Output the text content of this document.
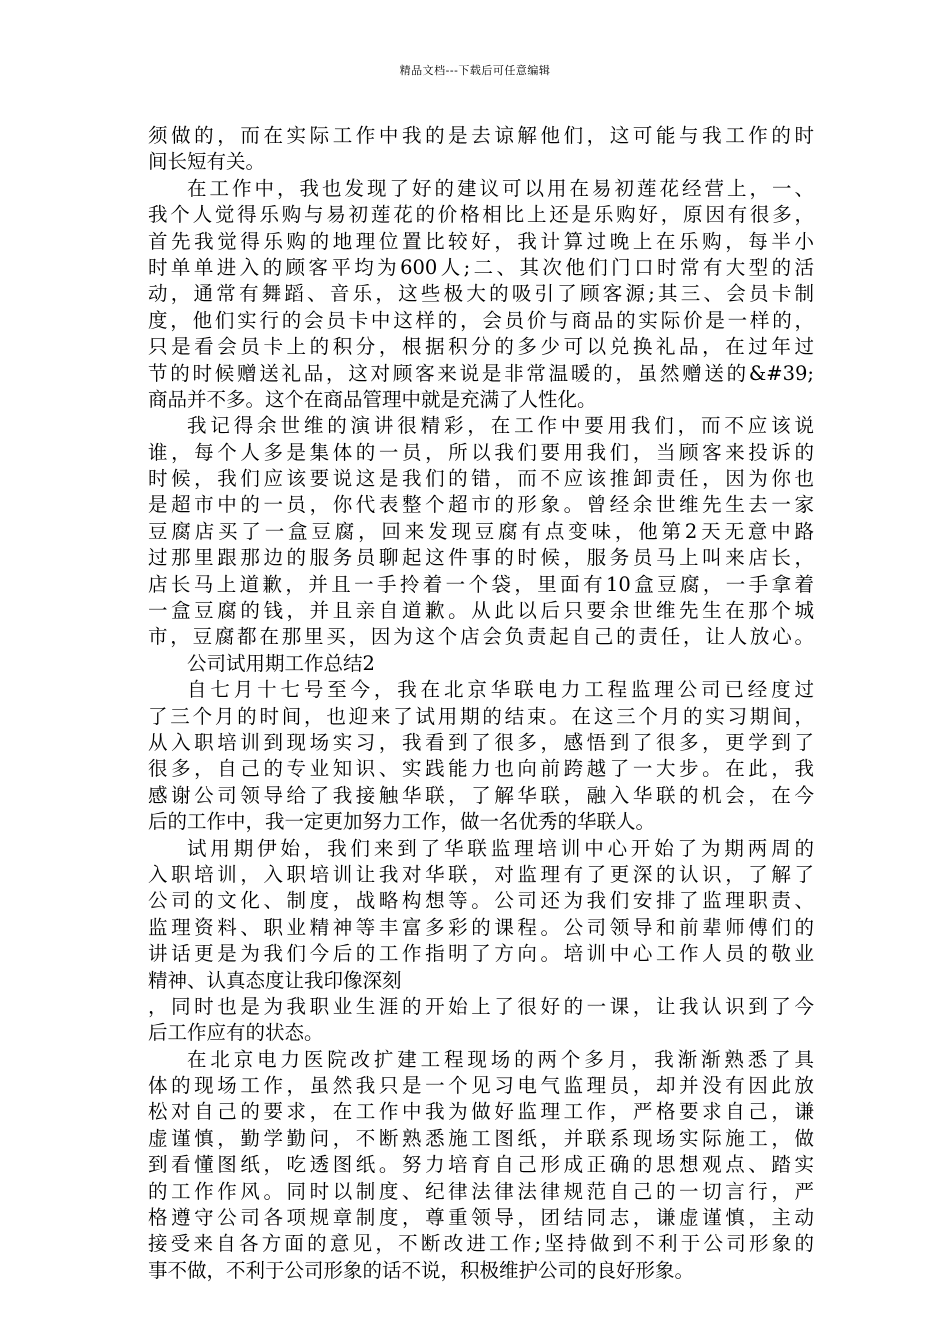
精品文档---下载后可任意编辑
须做的，而在实际工作中我的是去谅解他们，这可能与我工作的时
间长短有关。
在工作中，我也发现了好的建议可以用在易初莲花经营上，一、
我个人觉得乐购与易初莲花的价格相比上还是乐购好，原因有很多，
首先我觉得乐购的地理位置比较好，我计算过晚上在乐购，每半小
时单单进入的顾客平均为600人;二、其次他们门口时常有大型的活
动，通常有舞蹈、音乐，这些极大的吸引了顾客源;其三、会员卡制
度，他们实行的会员卡中这样的，会员价与商品的实际价是一样的，
只是看会员卡上的积分，根据积分的多少可以兑换礼品，在过年过
节的时候赠送礼品，这对顾客来说是非常温暖的，虽然赠送的&#39;
商品并不多。这个在商品管理中就是充满了人性化。
我记得余世维的演讲很精彩，在工作中要用我们，而不应该说
谁，每个人多是集体的一员，所以我们要用我们，当顾客来投诉的
时候，我们应该要说这是我们的错，而不应该推卸责任，因为你也
是超市中的一员，你代表整个超市的形象。曾经余世维先生去一家
豆腐店买了一盒豆腐，回来发现豆腐有点变味，他第2天无意中路
过那里跟那边的服务员聊起这件事的时候，服务员马上叫来店长，
店长马上道歉，并且一手拎着一个袋，里面有10盒豆腐，一手拿着
一盒豆腐的钱，并且亲自道歉。从此以后只要余世维先生在那个城
市，豆腐都在那里买，因为这个店会负责起自己的责任，让人放心。
公司试用期工作总结2
自七月十七号至今，我在北京华联电力工程监理公司已经度过
了三个月的时间，也迎来了试用期的结束。在这三个月的实习期间，
从入职培训到现场实习，我看到了很多，感悟到了很多，更学到了
很多，自己的专业知识、实践能力也向前跨越了一大步。在此，我
感谢公司领导给了我接触华联，了解华联，融入华联的机会，在今
后的工作中，我一定更加努力工作，做一名优秀的华联人。
试用期伊始，我们来到了华联监理培训中心开始了为期两周的
入职培训，入职培训让我对华联，对监理有了更深的认识，了解了
公司的文化、制度，战略构想等。公司还为我们安排了监理职责、
监理资料、职业精神等丰富多彩的课程。公司领导和前辈师傅们的
讲话更是为我们今后的工作指明了方向。培训中心工作人员的敬业
精神、认真态度让我印像深刻
，同时也是为我职业生涯的开始上了很好的一课，让我认识到了今
后工作应有的状态。
在北京电力医院改扩建工程现场的两个多月，我渐渐熟悉了具
体的现场工作，虽然我只是一个见习电气监理员，却并没有因此放
松对自己的要求，在工作中我为做好监理工作，严格要求自己，谦
虚谨慎，勤学勤问，不断熟悉施工图纸，并联系现场实际施工，做
到看懂图纸，吃透图纸。努力培育自己形成正确的思想观点、踏实
的工作作风。同时以制度、纪律法律法律规范自己的一切言行，严
格遵守公司各项规章制度，尊重领导，团结同志，谦虚谨慎，主动
接受来自各方面的意见，不断改进工作;坚持做到不利于公司形象的
事不做，不利于公司形象的话不说，积极维护公司的良好形象。
